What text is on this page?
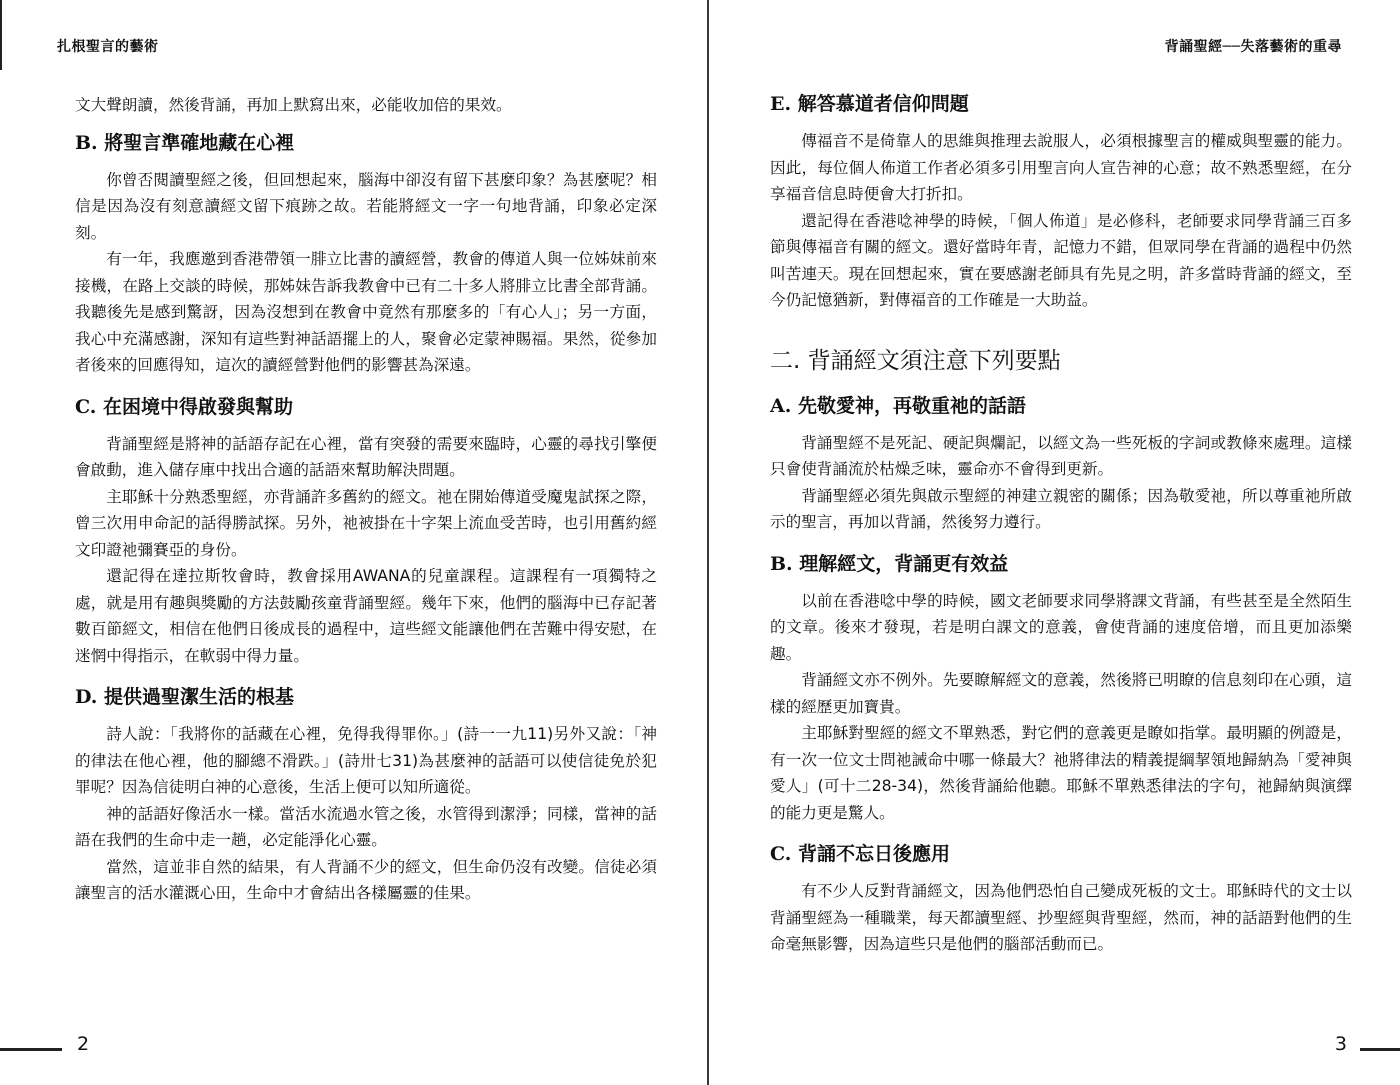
扎根聖言的藝術

文大聲朗讀，然後背誦，再加上默寫出來，必能收加倍的果效。

B. 將聖言準確地藏在心裡

你曾否閱讀聖經之後，但回想起來，腦海中卻沒有留下甚麼印象？為甚麼呢？相信是因為沒有刻意讀經文留下痕跡之故。若能將經文一字一句地背誦，印象必定深刻。

有一年，我應邀到香港帶領一腓立比書的讀經營，教會的傳道人與一位姊妹前來接機，在路上交談的時候，那姊妹告訴我教會中已有二十多人將腓立比書全部背誦。我聽後先是感到驚訝，因為沒想到在教會中竟然有那麼多的「有心人」；另一方面，我心中充滿感謝，深知有這些對神話語擺上的人，聚會必定蒙神賜福。果然，從參加者後來的回應得知，這次的讀經營對他們的影響甚為深遠。

C. 在困境中得啟發與幫助

背誦聖經是將神的話語存記在心裡，當有突發的需要來臨時，心靈的尋找引擎便會啟動，進入儲存庫中找出合適的話語來幫助解決問題。

主耶穌十分熟悉聖經，亦背誦許多舊約的經文。祂在開始傳道受魔鬼試探之際，曾三次用申命記的話得勝試探。另外，祂被掛在十字架上流血受苦時，也引用舊約經文印證祂彌賽亞的身份。

還記得在達拉斯牧會時，教會採用AWANA的兒童課程。這課程有一項獨特之處，就是用有趣與獎勵的方法鼓勵孩童背誦聖經。幾年下來，他們的腦海中已存記著數百節經文，相信在他們日後成長的過程中，這些經文能讓他們在苦難中得安慰，在迷惘中得指示，在軟弱中得力量。

D. 提供過聖潔生活的根基

詩人說：「我將你的話藏在心裡，免得我得罪你。」(詩一一九11)另外又說：「神的律法在他心裡，他的腳總不滑跌。」(詩卅七31)為甚麼神的話語可以使信徒免於犯罪呢？因為信徒明白神的心意後，生活上便可以知所適從。

神的話語好像活水一樣。當活水流過水管之後，水管得到潔淨；同樣，當神的話語在我們的生命中走一趟，必定能淨化心靈。

當然，這並非自然的結果，有人背誦不少的經文，但生命仍沒有改變。信徒必須讓聖言的活水灌溉心田，生命中才會結出各樣屬靈的佳果。

2
背誦聖經──失落藝術的重尋
E. 解答慕道者信仰問題

傳福音不是倚靠人的思維與推理去說服人，必須根據聖言的權威與聖靈的能力。因此，每位個人佈道工作者必須多引用聖言向人宣告神的心意；故不熟悉聖經，在分享福音信息時便會大打折扣。

還記得在香港唸神學的時候，「個人佈道」是必修科，老師要求同學背誦三百多節與傳福音有關的經文。還好當時年青，記憶力不錯，但眾同學在背誦的過程中仍然叫苦連天。現在回想起來，實在要感謝老師具有先見之明，許多當時背誦的經文，至今仍記憶猶新，對傳福音的工作確是一大助益。

二. 背誦經文須注意下列要點
A. 先敬愛神，再敬重祂的話語

背誦聖經不是死記、硬記與爛記，以經文為一些死板的字詞或教條來處理。這樣只會使背誦流於枯燥乏味，靈命亦不會得到更新。

背誦聖經必須先與啟示聖經的神建立親密的關係；因為敬愛祂，所以尊重祂所啟示的聖言，再加以背誦，然後努力遵行。

B. 理解經文，背誦更有效益

以前在香港唸中學的時候，國文老師要求同學將課文背誦，有些甚至是全然陌生的文章。後來才發現，若是明白課文的意義，會使背誦的速度倍增，而且更加添樂趣。

背誦經文亦不例外。先要瞭解經文的意義，然後將已明瞭的信息刻印在心頭，這樣的經歷更加寶貴。

主耶穌對聖經的經文不單熟悉，對它們的意義更是瞭如指掌。最明顯的例證是，有一次一位文士問祂誡命中哪一條最大？祂將律法的精義提綱挈領地歸納為「愛神與愛人」(可十二28-34)，然後背誦給他聽。耶穌不單熟悉律法的字句，祂歸納與演繹的能力更是驚人。

C. 背誦不忘日後應用

有不少人反對背誦經文，因為他們恐怕自己變成死板的文士。耶穌時代的文士以背誦聖經為一種職業，每天都讀聖經、抄聖經與背聖經，然而，神的話語對他們的生命毫無影響，因為這些只是他們的腦部活動而已。

3
